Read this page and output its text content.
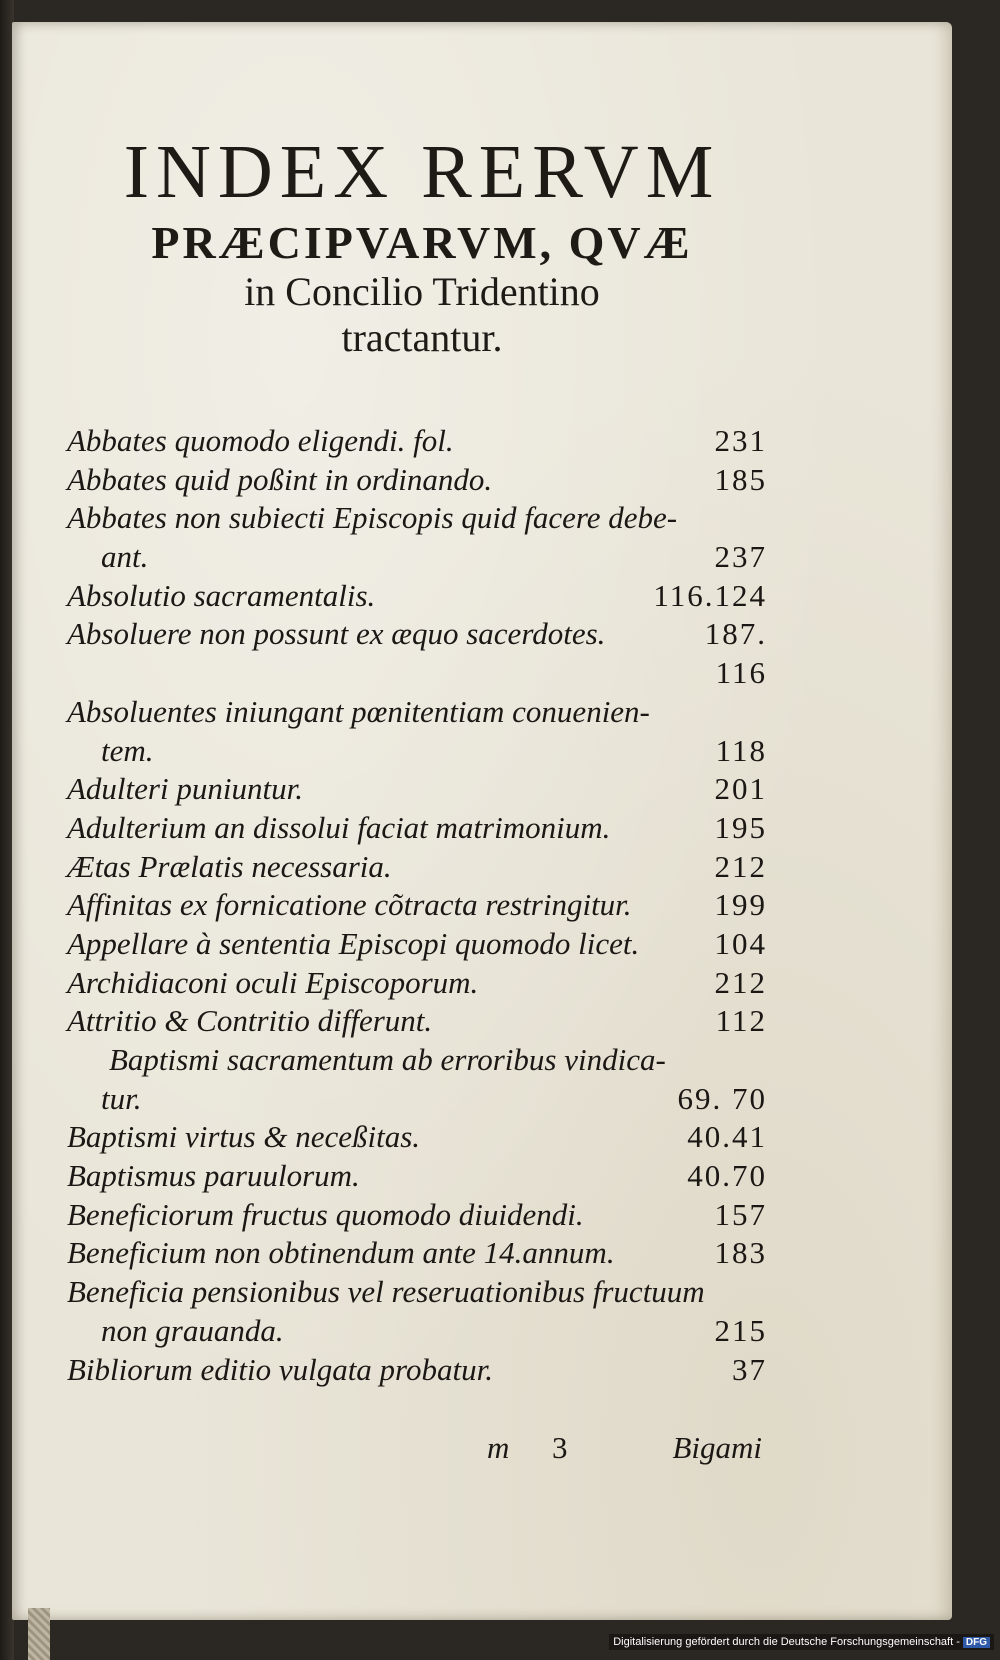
INDEX RERVM
PRÆCIPVARVM, QVÆ
in Concilio Tridentino
tractantur.
Abbates quomodo eligendi. fol.	231
Abbates quid poßint in ordinando.	185
Abbates non subiecti Episcopis quid facere debe-
ant.	237
Absolutio sacramentalis.	116.124
Absoluere non possunt ex æquo sacerdotes.	187.
116
Absoluentes iniungant pœnitentiam conuenien-
tem.	118
Adulteri puniuntur.	201
Adulterium an dissolui faciat matrimonium.	195
Ætas Prælatis necessaria.	212
Affinitas ex fornicatione cõtracta restringitur.	199
Appellare à sententia Episcopi quomodo licet. 104
Archidiaconi oculi Episcoporum.	212
Attritio & Contritio differunt.	112
Baptismi sacramentum ab erroribus vindica-
tur.	69. 70
Baptismi virtus & neceßitas.	40.41
Baptismus paruulorum.	40.70
Beneficiorum fructus quomodo diuidendi.	157
Beneficium non obtinendum ante 14.annum.	183
Beneficia pensionibus vel reseruationibus fructuum
non grauanda.	215
Bibliorum editio vulgata probatur.	37
m 3	Bigami
Digitalisierung gefördert durch die Deutsche Forschungsgemeinschaft - DFG
